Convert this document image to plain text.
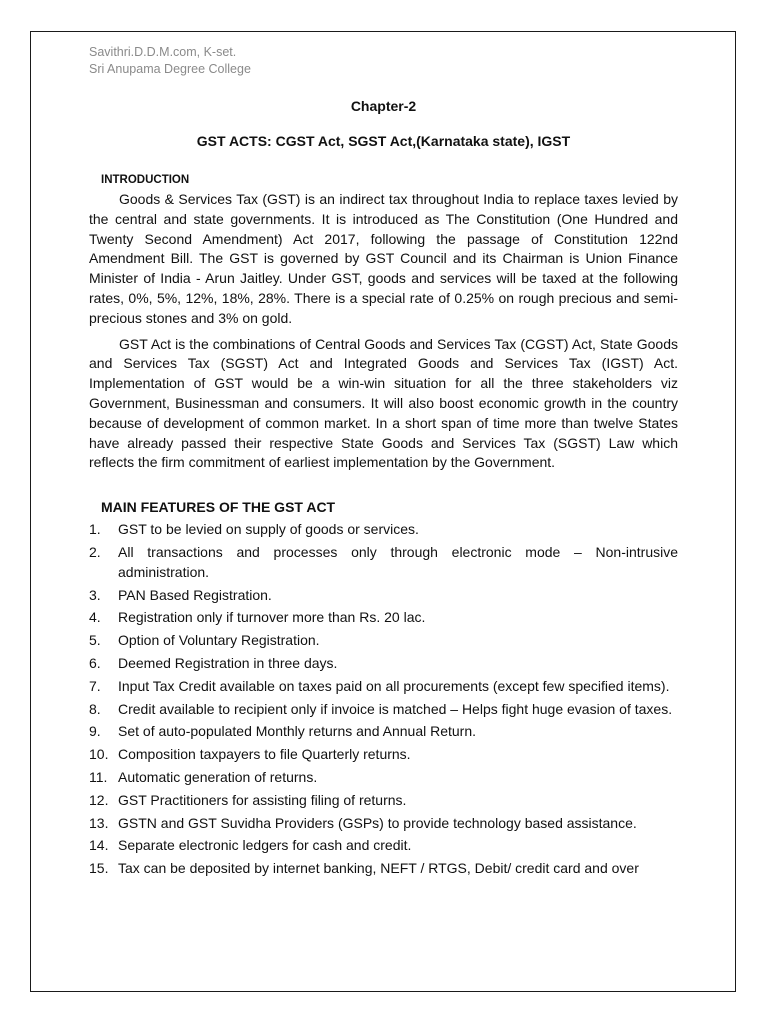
Savithri.D.D.M.com, K-set.

Sri Anupama Degree College

Chapter-2
GST ACTS: CGST Act, SGST Act,(Karnataka state), IGST
INTRODUCTION

Goods & Services Tax (GST) is an indirect tax throughout India to replace taxes levied by the central and state governments. It is introduced as The Constitution (One Hundred and Twenty Second Amendment) Act 2017, following the passage of Constitution 122nd Amendment Bill. The GST is governed by GST Council and its Chairman is Union Finance Minister of India - Arun Jaitley. Under GST, goods and services will be taxed at the following rates, 0%, 5%, 12%, 18%, 28%. There is a special rate of 0.25% on rough precious and semi-precious stones and 3% on gold.

GST Act is the combinations of Central Goods and Services Tax (CGST) Act, State Goods and Services Tax (SGST) Act and Integrated Goods and Services Tax (IGST) Act. Implementation of GST would be a win-win situation for all the three stakeholders viz Government, Businessman and consumers. It will also boost economic growth in the country because of development of common market. In a short span of time more than twelve States have already passed their respective State Goods and Services Tax (SGST) Law which reflects the firm commitment of earliest implementation by the Government.

MAIN FEATURES OF THE GST ACT
1. GST to be levied on supply of goods or services.
2. All transactions and processes only through electronic mode – Non-intrusive administration.
3. PAN Based Registration.
4. Registration only if turnover more than Rs. 20 lac.
5. Option of Voluntary Registration.
6. Deemed Registration in three days.
7. Input Tax Credit available on taxes paid on all procurements (except few specified items).
8. Credit available to recipient only if invoice is matched – Helps fight huge evasion of taxes.
9. Set of auto-populated Monthly returns and Annual Return.
10. Composition taxpayers to file Quarterly returns.
11. Automatic generation of returns.
12. GST Practitioners for assisting filing of returns.
13. GSTN and GST Suvidha Providers (GSPs) to provide technology based assistance.
14. Separate electronic ledgers for cash and credit.
15. Tax can be deposited by internet banking, NEFT / RTGS, Debit/ credit card and over
